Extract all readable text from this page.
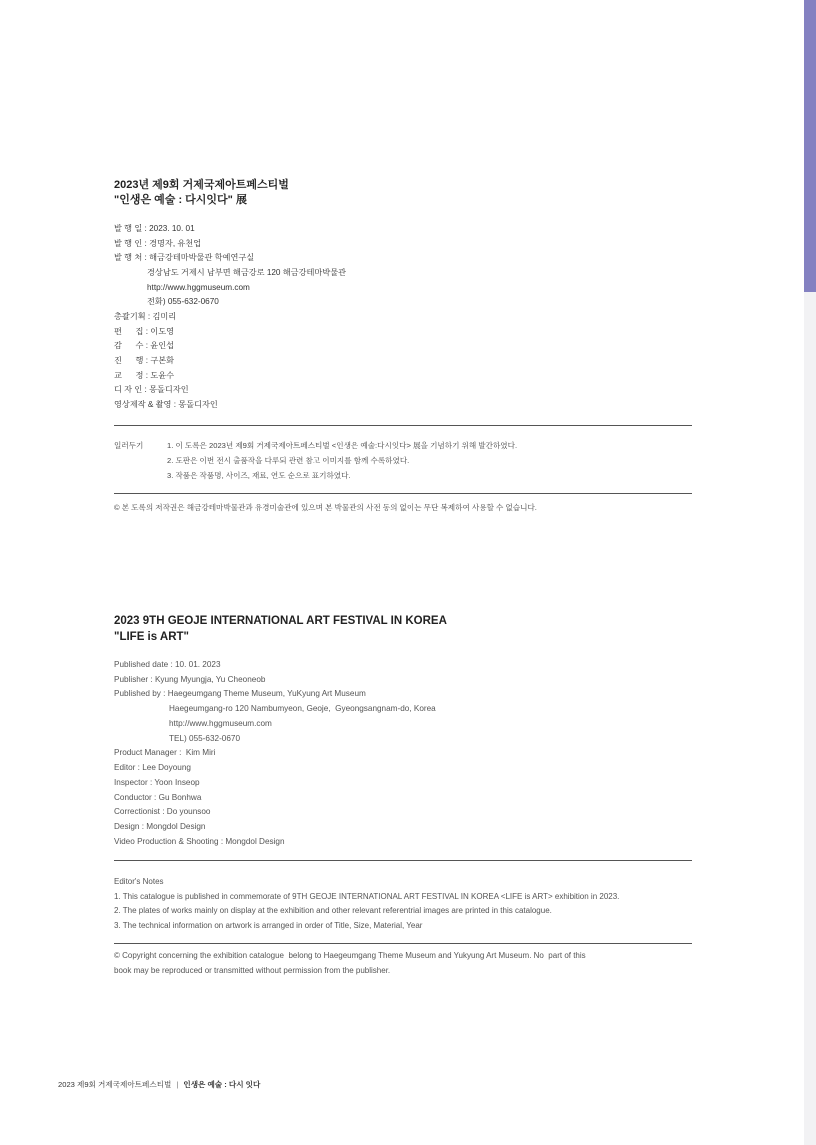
2023년 제9회 거제국제아트페스티벌
"인생은 예술 : 다시잇다" 展
발 행 일 : 2023. 10. 01
발 행 인 : 경명자, 유천업
발 행 처 : 해금강테마박물관 학예연구실
경상남도 거제시 남부면 해금강로 120 해금강테마박물관
http://www.hggmuseum.com
전화) 055-632-0670
총괄기획 : 김미리
편      집 : 이도영
감      수 : 윤인섭
진      행 : 구본화
교      정 : 도윤수
디 자 인 : 몽돌디자인
영상제작 & 촬영 : 몽돌디자인
일러두기	1. 이 도록은 2023년 제9회 거제국제아트페스티벌 <인생은 예술:다시잇다> 展을 기념하기 위해 발간하였다.
2. 도판은 이번 전시 출품작을 다루되 관련 참고 이미지를 함께 수록하였다.
3. 작품은 작품명, 사이즈, 재료, 연도 순으로 표기하였다.
© 본 도록의 저작권은 해금강테마박물관과 유경미술관에 있으며 본 박물관의 사전 동의 없이는 무단 복제하여 사용할 수 없습니다.
2023 9TH GEOJE INTERNATIONAL ART FESTIVAL IN KOREA
"LIFE is ART"
Published date : 10. 01. 2023
Publisher : Kyung Myungja, Yu Cheoneob
Published by : Haegeumgang Theme Museum, YuKyung Art Museum
Haegeumgang-ro 120 Nambumyeon, Geoje,  Gyeongsangnam-do, Korea
http://www.hggmuseum.com
TEL) 055-632-0670
Product Manager :  Kim Miri
Editor : Lee Doyoung
Inspector : Yoon Inseop
Conductor : Gu Bonhwa
Correctionist : Do younsoo
Design : Mongdol Design
Video Production & Shooting : Mongdol Design
Editor's Notes
1. This catalogue is published in commemorate of 9TH GEOJE INTERNATIONAL ART FESTIVAL IN KOREA <LIFE is ART> exhibition in 2023.
2. The plates of works mainly on display at the exhibition and other relevant referentrial images are printed in this catalogue.
3. The technical information on artwork is arranged in order of Title, Size, Material, Year
© Copyright concerning the exhibition catalogue  belong to Haegeumgang Theme Museum and Yukyung Art Museum. No  part of this
book may be reproduced or transmitted without permission from the publisher.
2023 제9회 거제국제아트페스티벌 | 인생은 예술 : 다시 잇다
